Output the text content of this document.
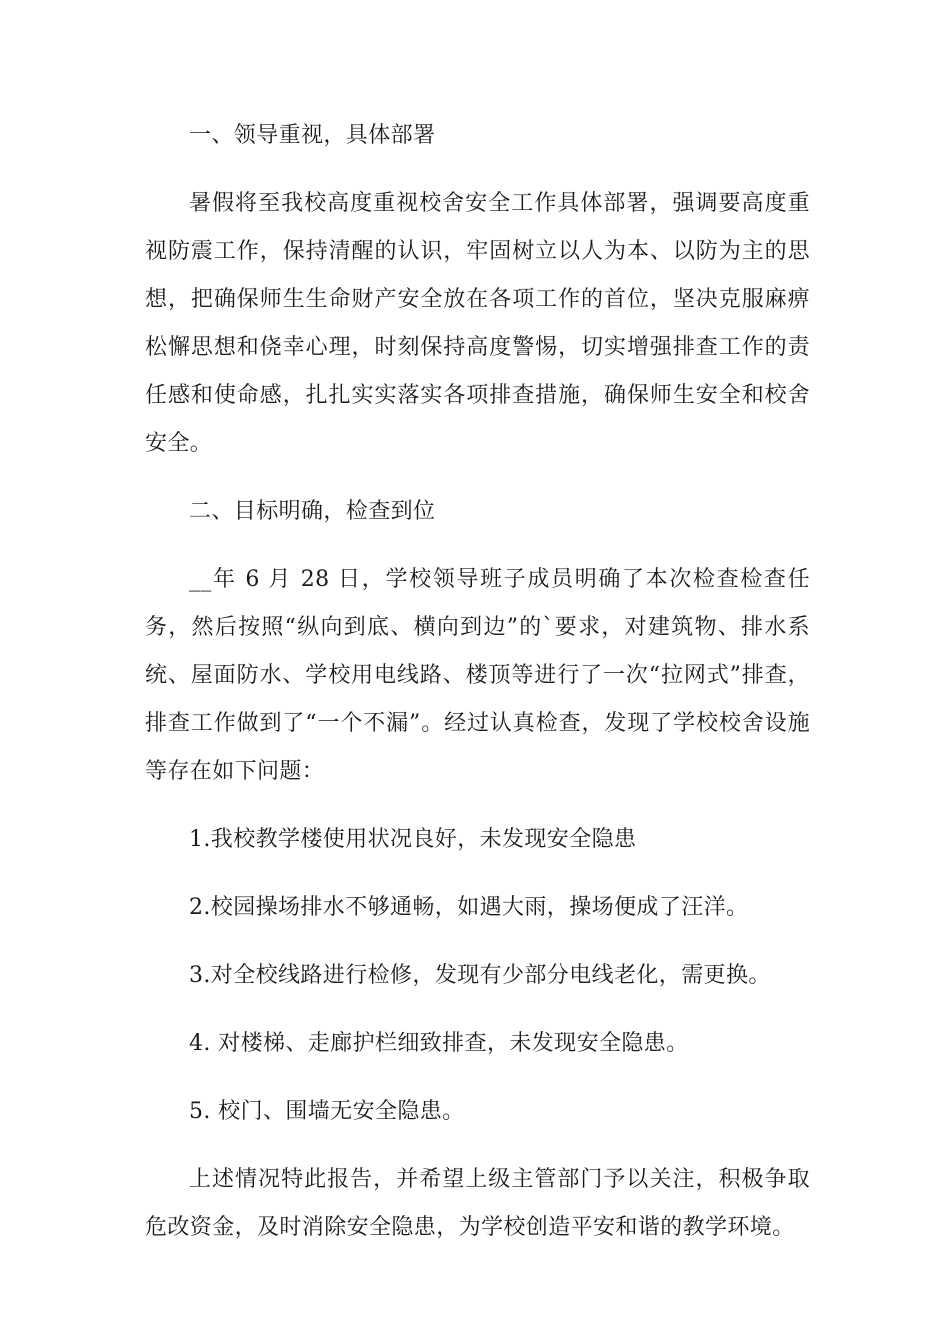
一、领导重视，具体部署

暑假将至我校高度重视校舍安全工作具体部署，强调要高度重视防震工作，保持清醒的认识，牢固树立以人为本、以防为主的思想，把确保师生生命财产安全放在各项工作的首位，坚决克服麻痹松懈思想和侥幸心理，时刻保持高度警惕，切实增强排查工作的责任感和使命感，扎扎实实落实各项排查措施，确保师生安全和校舍安全。

二、目标明确，检查到位

__年 6 月 28 日，学校领导班子成员明确了本次检查检查任务，然后按照“纵向到底、横向到边”的`要求，对建筑物、排水系统、屋面防水、学校用电线路、楼顶等进行了一次“拉网式”排查，排查工作做到了“一个不漏”。经过认真检查，发现了学校校舍设施等存在如下问题：

1.我校教学楼使用状况良好，未发现安全隐患

2.校园操场排水不够通畅，如遇大雨，操场便成了汪洋。

3.对全校线路进行检修，发现有少部分电线老化，需更换。

4. 对楼梯、走廊护栏细致排查，未发现安全隐患。

5. 校门、围墙无安全隐患。

上述情况特此报告，并希望上级主管部门予以关注，积极争取危改资金，及时消除安全隐患，为学校创造平安和谐的教学环境。
